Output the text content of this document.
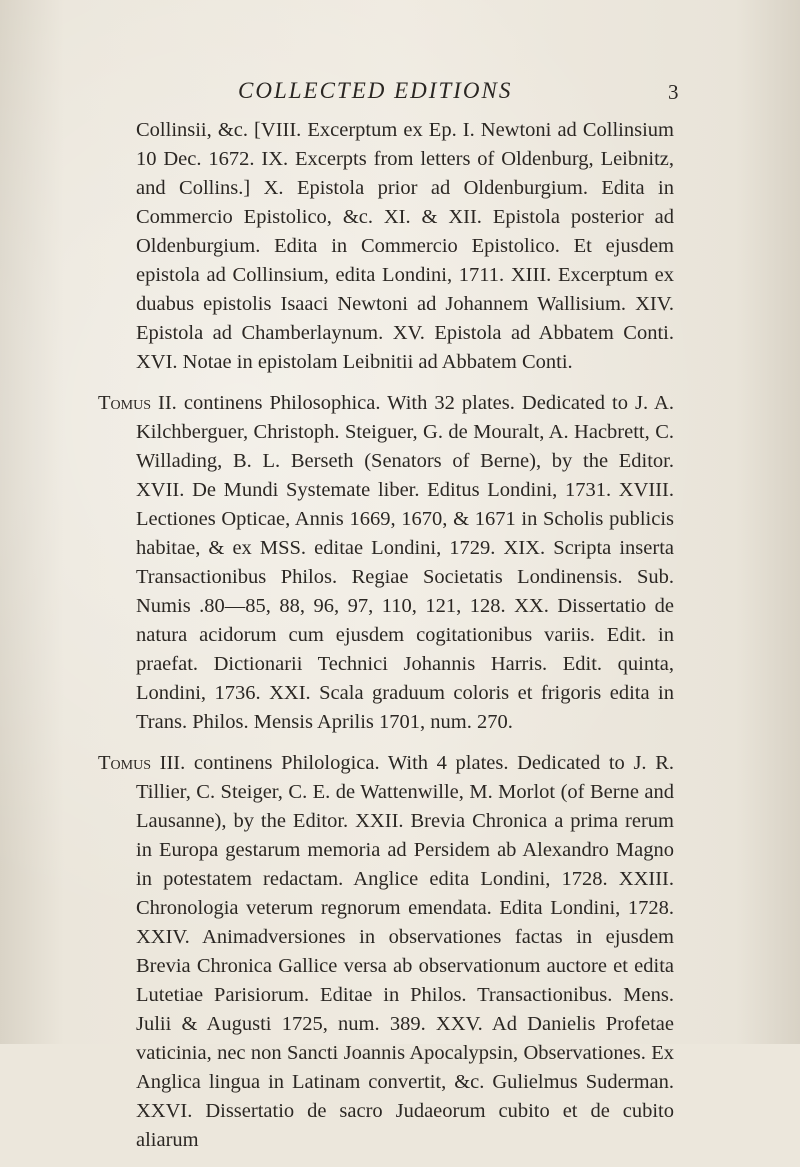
COLLECTED EDITIONS	3

Collinsii, &c. [VIII. Excerptum ex Ep. I. Newtoni ad Collinsium 10 Dec. 1672. IX. Excerpts from letters of Oldenburg, Leibnitz, and Collins.] X. Epistola prior ad Oldenburgium. Edita in Commercio Epistolico, &c. XI. & XII. Epistola posterior ad Oldenburgium. Edita in Commercio Epistolico. Et ejusdem epistola ad Collinsium, edita Londini, 1711. XIII. Excerptum ex duabus epistolis Isaaci Newtoni ad Johannem Wallisium. XIV. Epistola ad Chamberlaynum. XV. Epistola ad Abbatem Conti. XVI. Notae in epistolam Leibnitii ad Abbatem Conti.

Tomus II. continens Philosophica. With 32 plates. Dedicated to J. A. Kilchberguer, Christoph. Steiguer, G. de Mouralt, A. Hacbrett, C. Willading, B. L. Berseth (Senators of Berne), by the Editor. XVII. De Mundi Systemate liber. Editus Londini, 1731. XVIII. Lectiones Opticae, Annis 1669, 1670, & 1671 in Scholis publicis habitae, & ex MSS. editae Londini, 1729. XIX. Scripta inserta Transactionibus Philos. Regiae Societatis Londinensis. Sub. Numis .80—85, 88, 96, 97, 110, 121, 128. XX. Dissertatio de natura acidorum cum ejusdem cogitationibus variis. Edit. in praefat. Dictionarii Technici Johannis Harris. Edit. quinta, Londini, 1736. XXI. Scala graduum coloris et frigoris edita in Trans. Philos. Mensis Aprilis 1701, num. 270.

Tomus III. continens Philologica. With 4 plates. Dedicated to J. R. Tillier, C. Steiger, C. E. de Wattenwille, M. Morlot (of Berne and Lausanne), by the Editor. XXII. Brevia Chronica a prima rerum in Europa gestarum memoria ad Persidem ab Alexandro Magno in potestatem redactam. Anglice edita Londini, 1728. XXIII. Chronologia veterum regnorum emendata. Edita Londini, 1728. XXIV. Animadversiones in observationes factas in ejusdem Brevia Chronica Gallice versa ab observationum auctore et edita Lutetiae Parisiorum. Editae in Philos. Transactionibus. Mens. Julii & Augusti 1725, num. 389. XXV. Ad Danielis Profetae vaticinia, nec non Sancti Joannis Apocalypsin, Observationes. Ex Anglica lingua in Latinam convertit, &c. Gulielmus Suderman. XXVI. Dissertatio de sacro Judaeorum cubito et de cubito aliarum
